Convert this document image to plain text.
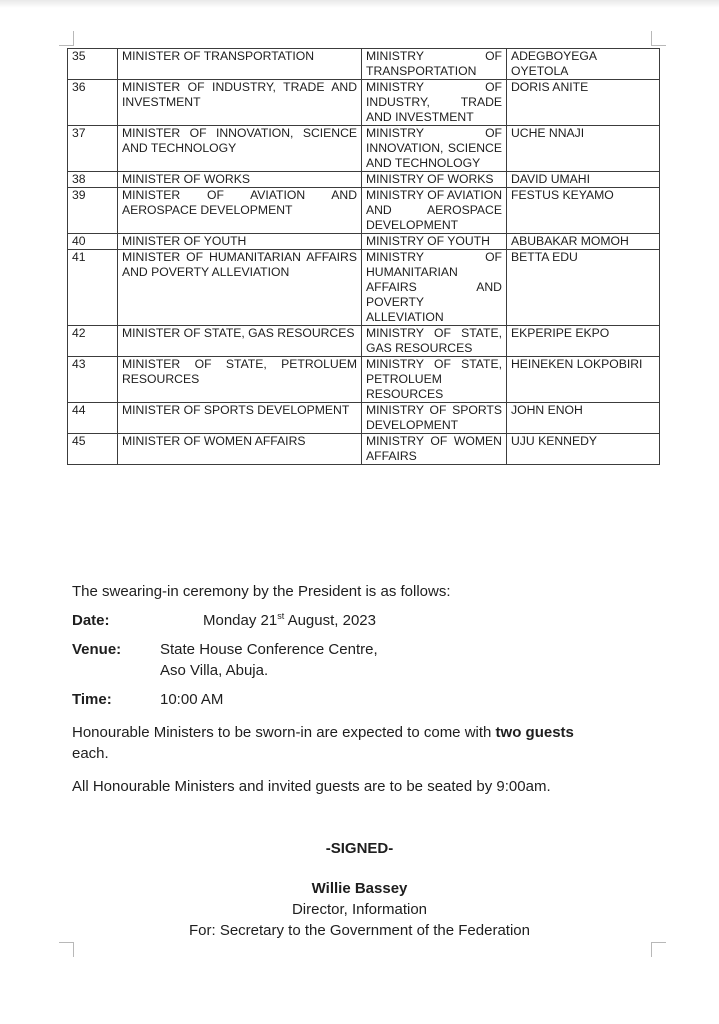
35	MINISTER OF TRANSPORTATION	MINISTRY OF TRANSPORTATION	ADEGBOYEGA OYETOLA
36	MINISTER OF INDUSTRY, TRADE AND INVESTMENT	MINISTRY OF INDUSTRY, TRADE AND INVESTMENT	DORIS ANITE
37	MINISTER OF INNOVATION, SCIENCE AND TECHNOLOGY	MINISTRY OF INNOVATION, SCIENCE AND TECHNOLOGY	UCHE NNAJI
38	MINISTER OF WORKS	MINISTRY OF WORKS	DAVID UMAHI
39	MINISTER OF AVIATION AND AEROSPACE DEVELOPMENT	MINISTRY OF AVIATION AND AEROSPACE DEVELOPMENT	FESTUS KEYAMO
40	MINISTER OF YOUTH	MINISTRY OF YOUTH	ABUBAKAR MOMOH
41	MINISTER OF HUMANITARIAN AFFAIRS AND POVERTY ALLEVIATION	MINISTRY OF HUMANITARIAN AFFAIRS AND POVERTY ALLEVIATION	BETTA EDU
42	MINISTER OF STATE, GAS RESOURCES	MINISTRY OF STATE, GAS RESOURCES	EKPERIPE EKPO
43	MINISTER OF STATE, PETROLUEM RESOURCES	MINISTRY OF STATE, PETROLUEM RESOURCES	HEINEKEN LOKPOBIRI
44	MINISTER OF SPORTS DEVELOPMENT	MINISTRY OF SPORTS DEVELOPMENT	JOHN ENOH
45	MINISTER OF WOMEN AFFAIRS	MINISTRY OF WOMEN AFFAIRS	UJU KENNEDY
The swearing-in ceremony by the President is as follows:
Date:	Monday 21st August, 2023
Venue:	State House Conference Centre,
Aso Villa, Abuja.
Time:	10:00 AM
Honourable Ministers to be sworn-in are expected to come with two guests
each.
All Honourable Ministers and invited guests are to be seated by 9:00am.
-SIGNED-
Willie Bassey
Director, Information
For: Secretary to the Government of the Federation
